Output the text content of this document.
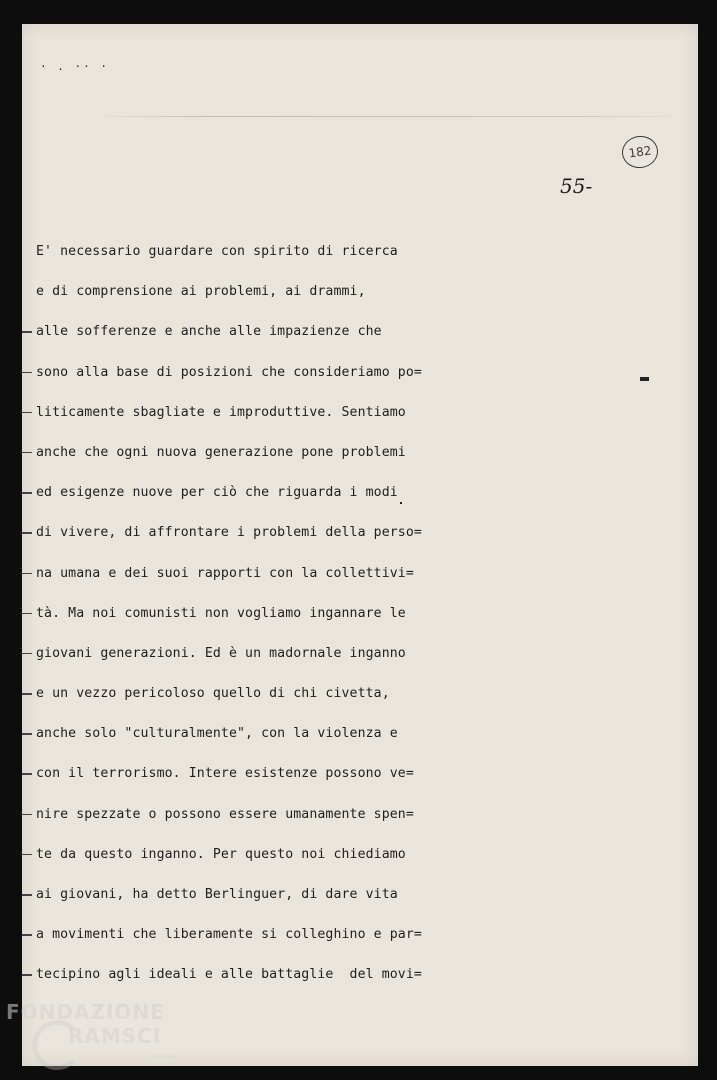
· . ·· ·
182
55-
E' necessario guardare con spirito di ricerca
e di comprensione ai problemi, ai drammi,
alle sofferenze e anche alle impazienze che
sono alla base di posizioni che consideriamo po=
liticamente sbagliate e improduttive. Sentiamo
anche che ogni nuova generazione pone problemi
ed esigenze nuove per ciò che riguarda i modi
di vivere, di affrontare i problemi della perso=
na umana e dei suoi rapporti con la collettivi=
tà. Ma noi comunisti non vogliamo ingannare le
giovani generazioni. Ed è un madornale inganno
e un vezzo pericoloso quello di chi civetta,
anche solo "culturalmente", con la violenza e
con il terrorismo. Intere esistenze possono ve=
nire spezzate o possono essere umanamente spen=
te da questo inganno. Per questo noi chiediamo
ai giovani, ha detto Berlinguer, di dare vita
a movimenti che liberamente si colleghino e par=
tecipino agli ideali e alle battaglie  del movi=
FONDAZIONE
RAMSCI
onlus
